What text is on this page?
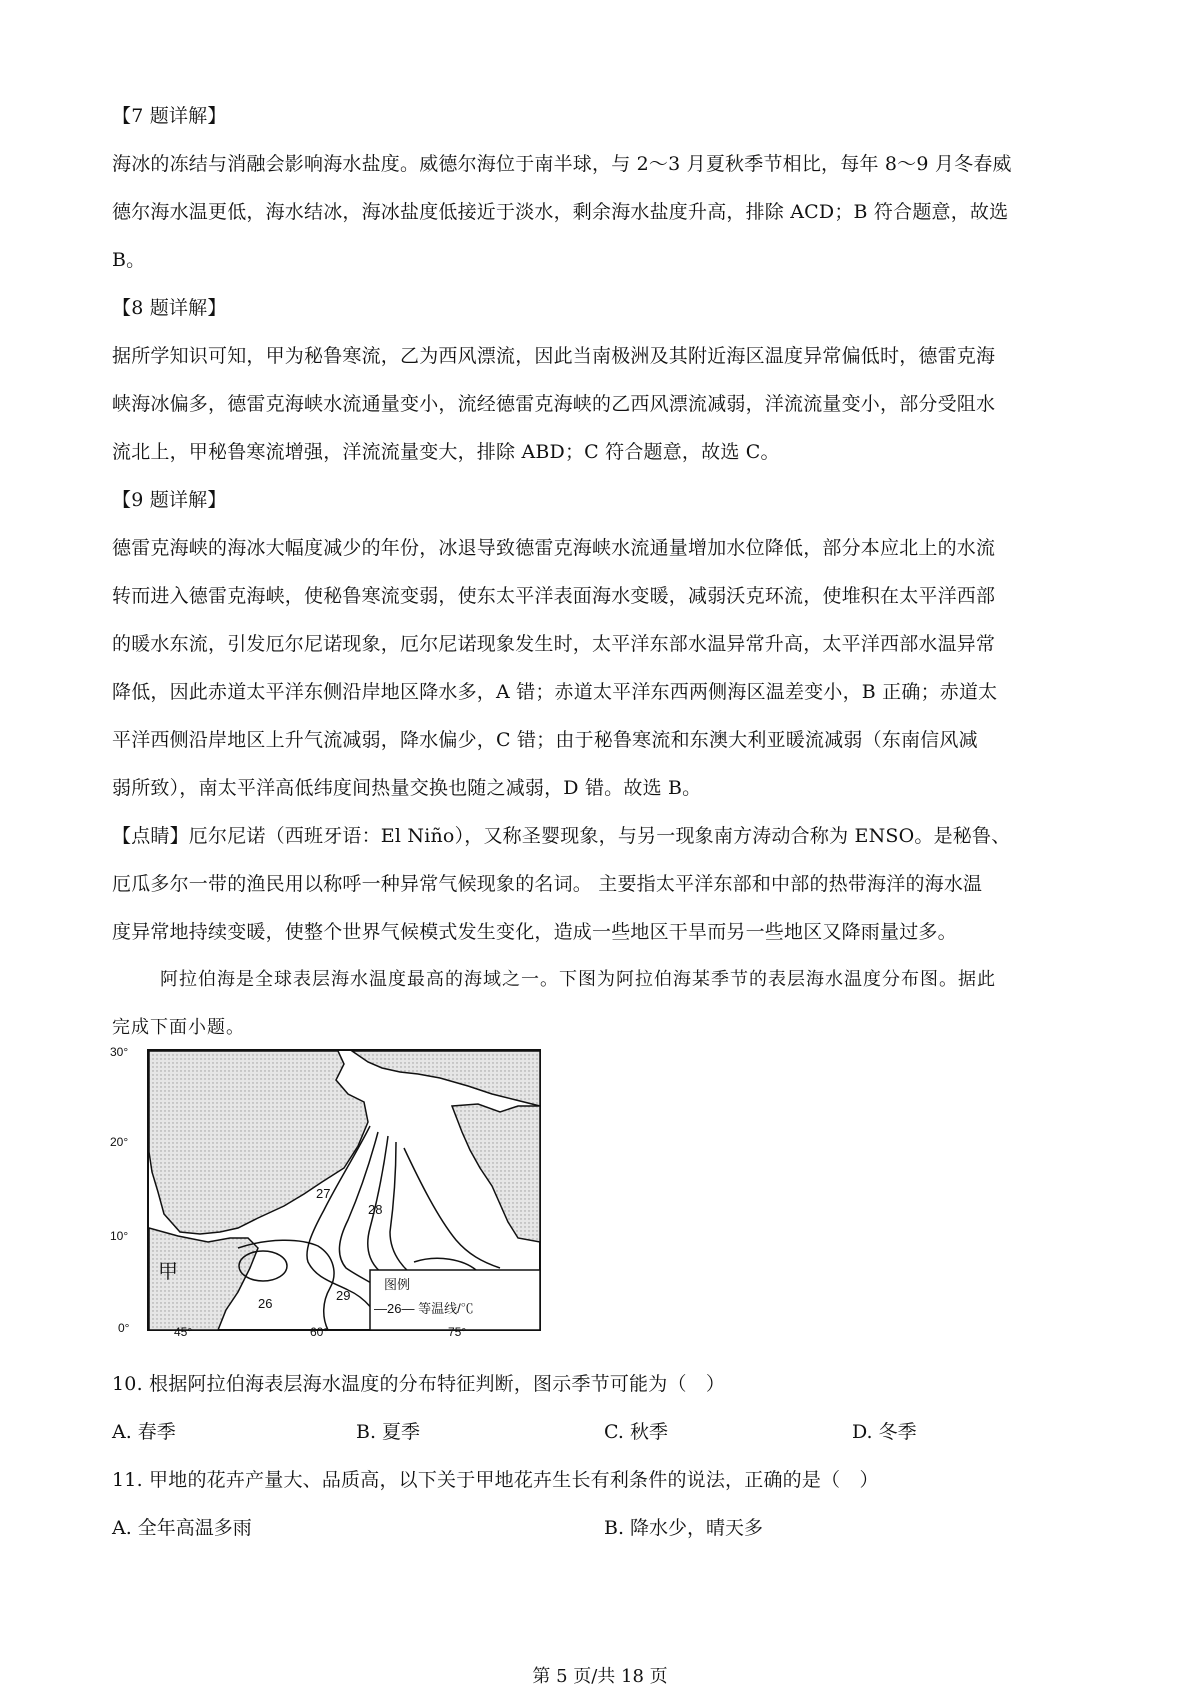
【7 题详解】
海冰的冻结与消融会影响海水盐度。威德尔海位于南半球，与 2～3 月夏秋季节相比，每年 8～9 月冬春威
德尔海水温更低，海水结冰，海冰盐度低接近于淡水，剩余海水盐度升高，排除 ACD；B 符合题意，故选
B。
【8 题详解】
据所学知识可知，甲为秘鲁寒流，乙为西风漂流，因此当南极洲及其附近海区温度异常偏低时，德雷克海
峡海冰偏多，德雷克海峡水流通量变小，流经德雷克海峡的乙西风漂流减弱，洋流流量变小，部分受阻水
流北上，甲秘鲁寒流增强，洋流流量变大，排除 ABD；C 符合题意，故选 C。
【9 题详解】
德雷克海峡的海冰大幅度减少的年份，冰退导致德雷克海峡水流通量增加水位降低，部分本应北上的水流
转而进入德雷克海峡，使秘鲁寒流变弱，使东太平洋表面海水变暖，减弱沃克环流，使堆积在太平洋西部
的暖水东流，引发厄尔尼诺现象，厄尔尼诺现象发生时，太平洋东部水温异常升高，太平洋西部水温异常
降低，因此赤道太平洋东侧沿岸地区降水多，A 错；赤道太平洋东西两侧海区温差变小，B 正确；赤道太
平洋西侧沿岸地区上升气流减弱，降水偏少，C 错；由于秘鲁寒流和东澳大利亚暖流减弱（东南信风减
弱所致），南太平洋高低纬度间热量交换也随之减弱，D 错。故选 B。
【点睛】厄尔尼诺（西班牙语：El Niño），又称圣婴现象，与另一现象南方涛动合称为 ENSO。是秘鲁、
厄瓜多尔一带的渔民用以称呼一种异常气候现象的名词。 主要指太平洋东部和中部的热带海洋的海水温
度异常地持续变暖，使整个世界气候模式发生变化，造成一些地区干旱而另一些地区又降雨量过多。
阿拉伯海是全球表层海水温度最高的海域之一。下图为阿拉伯海某季节的表层海水温度分布图。据此
完成下面小题。
图例
—26— 等温线/℃
27
28
26
29
甲
30°
20°
10°
0°	45°	60°	75°
10. 根据阿拉伯海表层海水温度的分布特征判断，图示季节可能为（　）
A. 春季	B. 夏季	C. 秋季	D. 冬季
11. 甲地的花卉产量大、品质高，以下关于甲地花卉生长有利条件的说法，正确的是（　）
A. 全年高温多雨	B. 降水少，晴天多
第 5 页/共 18 页
